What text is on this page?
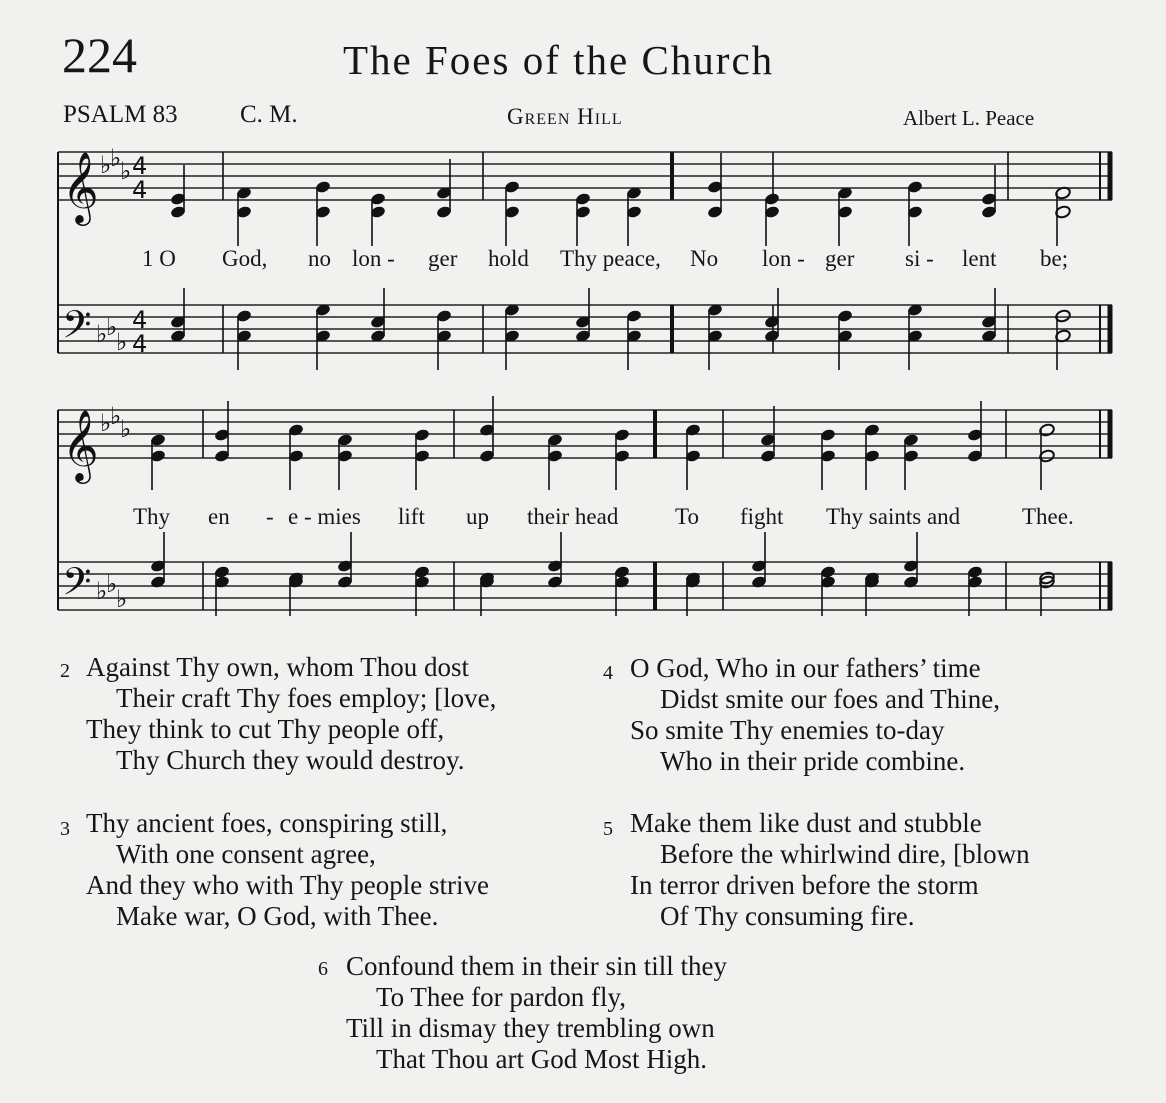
224	The Foes of the Church
PSALM 83 C. M.	Green Hill	Albert L. Peace
𝄞
𝄞
𝄢
𝄢
♭
♭
♭
♭
♭
♭
♭
♭
♭
♭
♭
♭
4
4
4
4
1 O God, no lon - ger hold Thy peace, No lon - ger si - lent be;
Thy en - e - mies lift up their head To fight Thy saints and	Thee.
2 Against Thy own, whom Thou dost
Their craft Thy foes employ; [love,
They think to cut Thy people off,
Thy Church they would destroy.
3 Thy ancient foes, conspiring still,
With one consent agree,
And they who with Thy people strive
Make war, O God, with Thee.
4 O God, Who in our fathers’ time
Didst smite our foes and Thine,
So smite Thy enemies to-day
Who in their pride combine.
5 Make them like dust and stubble
Before the whirlwind dire, [blown
In terror driven before the storm
Of Thy consuming fire.
6 Confound them in their sin till they
To Thee for pardon fly,
Till in dismay they trembling own
That Thou art God Most High.
